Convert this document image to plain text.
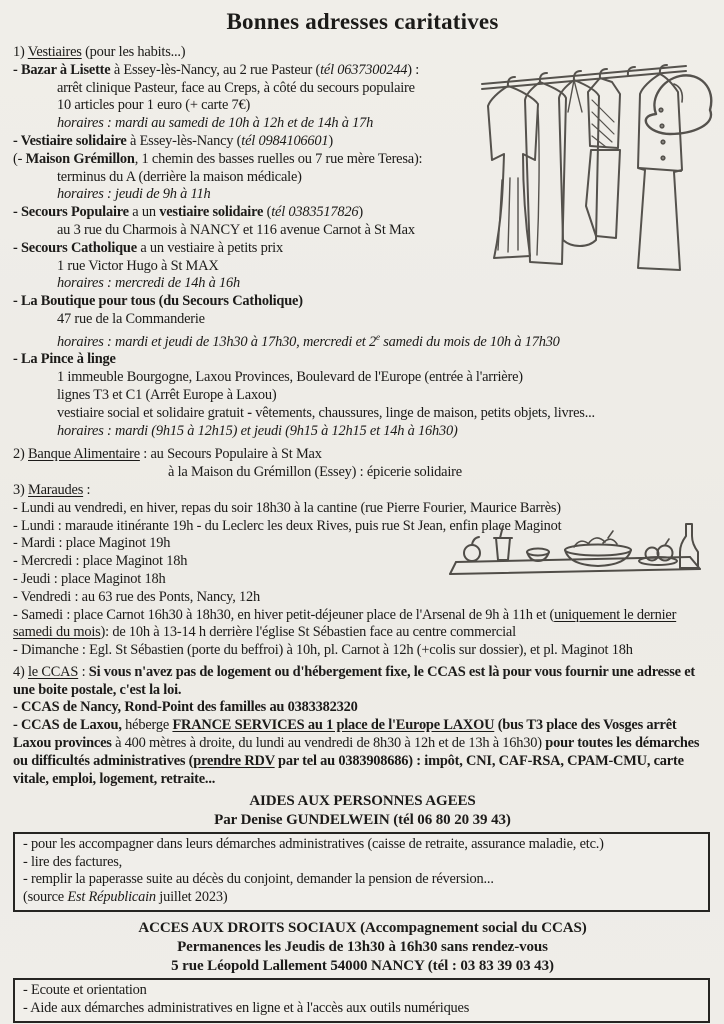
Bonnes adresses caritatives
1) Vestiaires (pour les habits...)
- Bazar à Lisette à Essey-lès-Nancy, au 2 rue Pasteur (tél 0637300244) :
arrêt clinique Pasteur, face au Creps, à côté du secours populaire
10 articles pour 1 euro (+ carte 7€)
horaires : mardi au samedi de 10h à 12h et de 14h à 17h
- Vestiaire solidaire à Essey-lès-Nancy (tél 0984106601)
(- Maison Grémillon, 1 chemin des basses ruelles ou 7 rue mère Teresa):
terminus du A (derrière la maison médicale)
horaires : jeudi de 9h à 11h
- Secours Populaire a un vestiaire solidaire (tél 0383517826)
au 3 rue du Charmois à NANCY et 116 avenue Carnot à St Max
- Secours Catholique a un vestiaire à petits prix
1 rue Victor Hugo à St MAX
horaires : mercredi de 14h à 16h
- La Boutique pour tous (du Secours Catholique)
47 rue de la Commanderie
horaires : mardi et jeudi de 13h30 à 17h30, mercredi et 2e samedi du mois de 10h à 17h30
- La Pince à linge
1 immeuble Bourgogne, Laxou Provinces, Boulevard de l'Europe (entrée à l'arrière)
lignes T3 et C1 (Arrêt Europe à Laxou)
vestiaire social et solidaire gratuit - vêtements, chaussures, linge de maison, petits objets, livres...
horaires : mardi (9h15 à 12h15) et jeudi (9h15 à 12h15 et 14h à 16h30)
2) Banque Alimentaire : au Secours Populaire à St Max
à la Maison du Grémillon (Essey) : épicerie solidaire
3) Maraudes :
- Lundi au vendredi, en hiver, repas du soir 18h30 à la cantine (rue Pierre Fourier, Maurice Barrès)
- Lundi : maraude itinérante 19h - du Leclerc les deux Rives, puis rue St Jean, enfin place Maginot
- Mardi : place Maginot 19h
- Mercredi : place Maginot 18h
- Jeudi : place Maginot 18h
- Vendredi : au 63 rue des Ponts, Nancy, 12h
- Samedi : place Carnot 16h30 à 18h30, en hiver petit-déjeuner place de l'Arsenal de 9h à 11h et (uniquement le dernier samedi du mois): de 10h à 13-14 h derrière l'église St Sébastien face au centre commercial
- Dimanche : Egl. St Sébastien (porte du beffroi) à 10h, pl. Carnot à 12h (+colis sur dossier), et pl. Maginot 18h
4) le CCAS : Si vous n'avez pas de logement ou d'hébergement fixe, le CCAS est là pour vous fournir une adresse et une boite postale, c'est la loi.
- CCAS de Nancy, Rond-Point des familles au 0383382320
- CCAS de Laxou, héberge FRANCE SERVICES au 1 place de l'Europe LAXOU (bus T3 place des Vosges arrêt Laxou provinces à 400 mètres à droite, du lundi au vendredi de 8h30 à 12h et de 13h à 16h30) pour toutes les démarches ou difficultés administratives (prendre RDV par tel au 0383908686) : impôt, CNI, CAF-RSA, CPAM-CMU, carte vitale, emploi, logement, retraite...
AIDES AUX PERSONNES AGEES
Par Denise GUNDELWEIN (tél 06 80 20 39 43)
- pour les accompagner dans leurs démarches administratives (caisse de retraite, assurance maladie, etc.)
- lire des factures,
- remplir la paperasse suite au décès du conjoint, demander la pension de réversion...
(source Est Républicain juillet 2023)
ACCES AUX DROITS SOCIAUX (Accompagnement social du CCAS)
Permanences les Jeudis de 13h30 à 16h30 sans rendez-vous
5 rue Léopold Lallement 54000 NANCY (tél : 03 83 39 03 43)
- Ecoute et orientation
- Aide aux démarches administratives en ligne et à l'accès aux outils numériques
